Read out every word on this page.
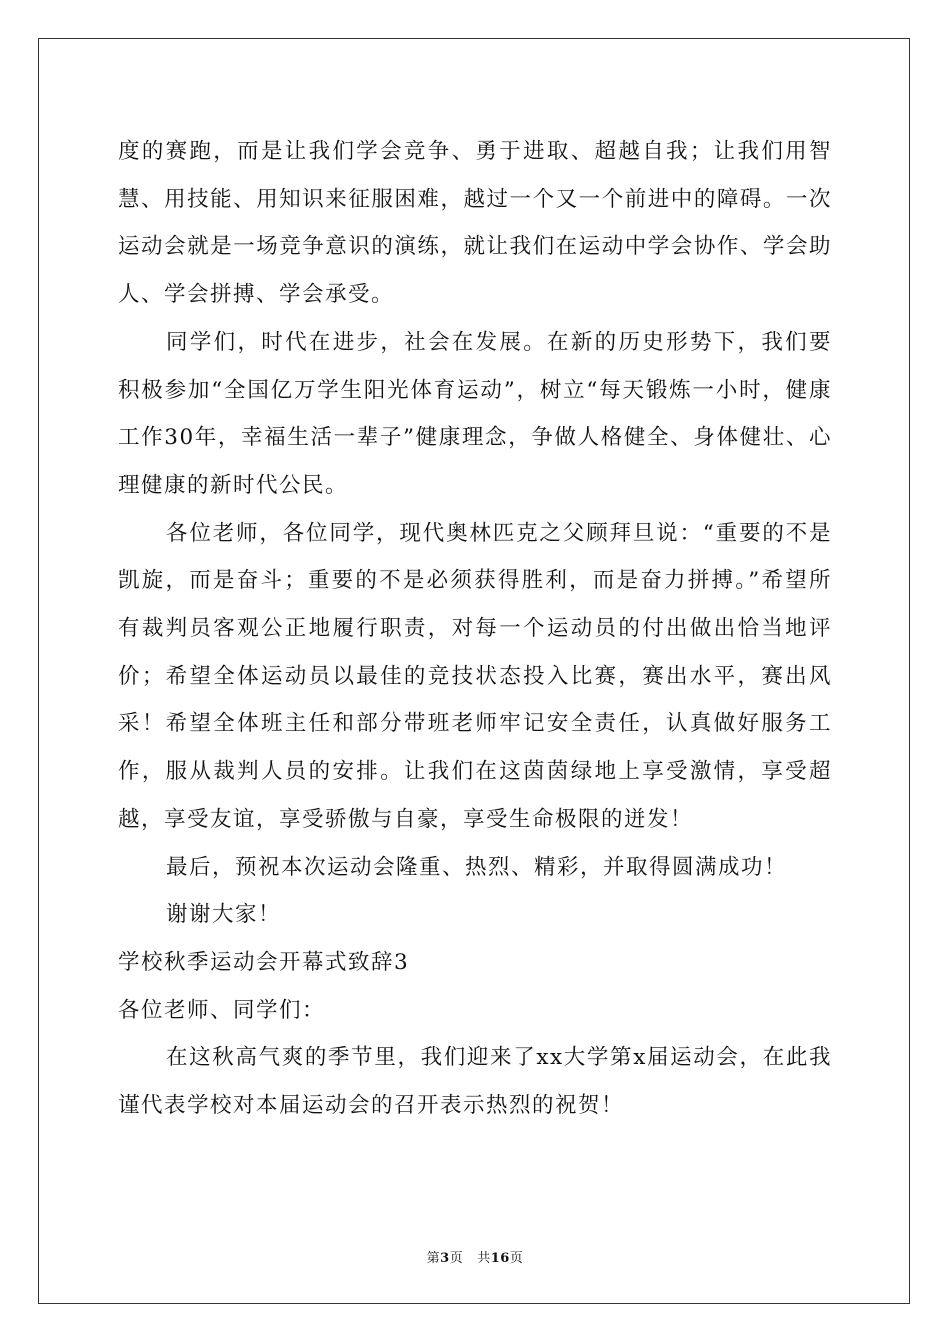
度的赛跑，而是让我们学会竞争、勇于进取、超越自我；让我们用智慧、用技能、用知识来征服困难，越过一个又一个前进中的障碍。一次运动会就是一场竞争意识的演练，就让我们在运动中学会协作、学会助人、学会拼搏、学会承受。

同学们，时代在进步，社会在发展。在新的历史形势下，我们要积极参加“全国亿万学生阳光体育运动”，树立“每天锻炼一小时，健康工作30年，幸福生活一辈子”健康理念，争做人格健全、身体健壮、心理健康的新时代公民。

各位老师，各位同学，现代奥林匹克之父顾拜旦说：“重要的不是凯旋，而是奋斗；重要的不是必须获得胜利，而是奋力拼搏。”希望所有裁判员客观公正地履行职责，对每一个运动员的付出做出恰当地评价；希望全体运动员以最佳的竞技状态投入比赛，赛出水平，赛出风采！希望全体班主任和部分带班老师牢记安全责任，认真做好服务工作，服从裁判人员的安排。让我们在这茵茵绿地上享受激情，享受超越，享受友谊，享受骄傲与自豪，享受生命极限的迸发！

最后，预祝本次运动会隆重、热烈、精彩，并取得圆满成功！

谢谢大家！

学校秋季运动会开幕式致辞3

各位老师、同学们：

在这秋高气爽的季节里，我们迎来了xx大学第x届运动会，在此我谨代表学校对本届运动会的召开表示热烈的祝贺！

第3页 共16页
